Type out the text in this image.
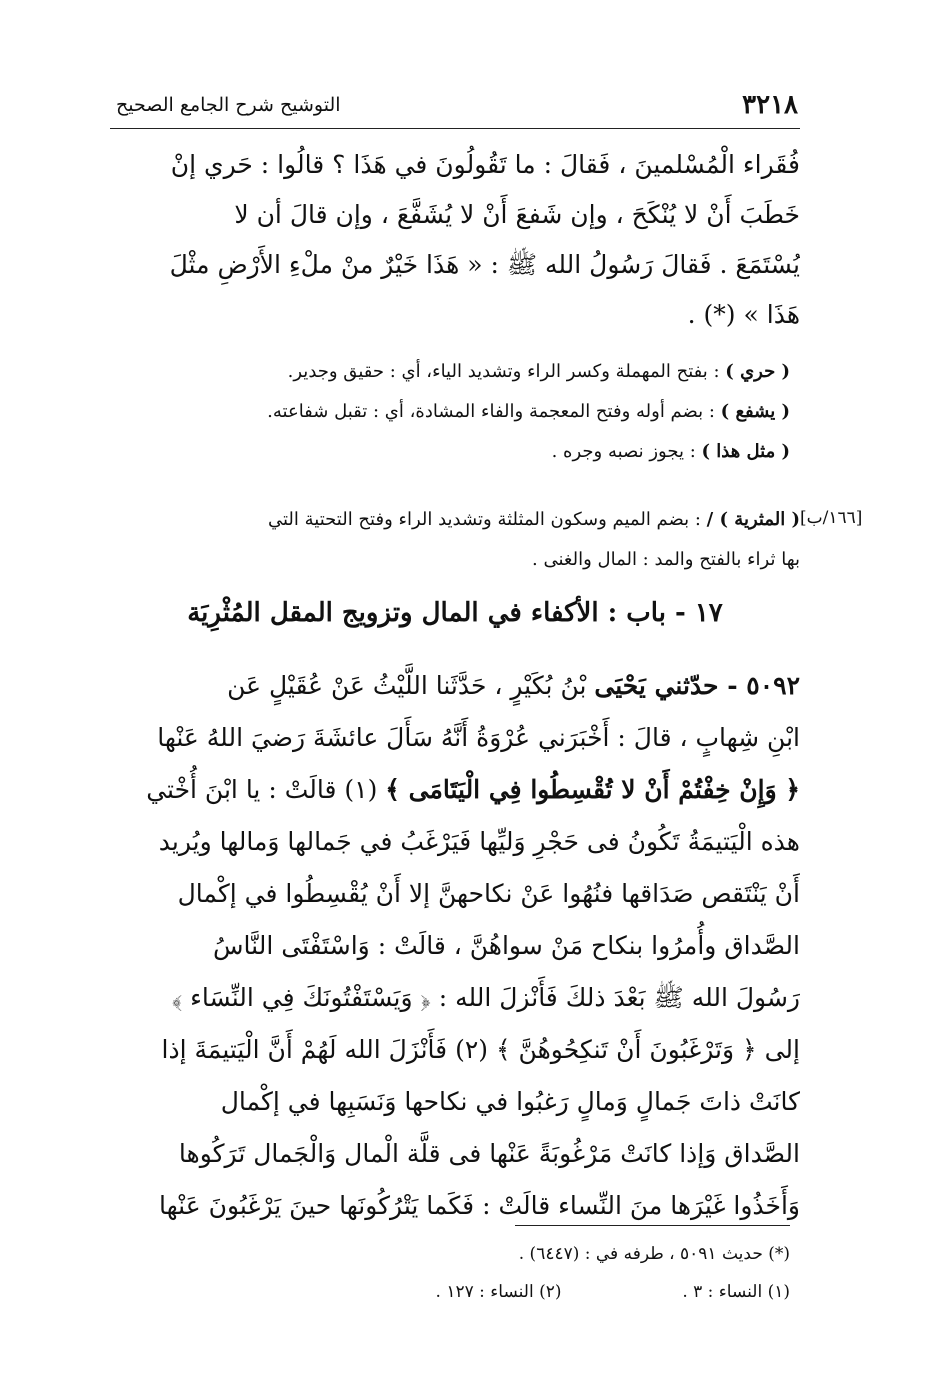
٣٢١٨
التوشيح شرح الجامع الصحيح
فُقَراء الْمُسْلمينَ ، فَقالَ : ما تَقُولُونَ في هَذَا ؟ قالُوا : حَري إنْ
خَطَبَ أَنْ لا يُنْكَحَ ، وإن شَفعَ أَنْ لا يُشَفَّعَ ، وإن قالَ أن لا
يُسْتَمَعَ . فَقالَ رَسُولُ الله ﷺ : « هَذَا خَيْرٌ منْ ملْءِ الأَرْضِ مثْلَ
هَذَا » (*) .
( حري ) : بفتح المهملة وكسر الراء وتشديد الياء، أي : حقيق وجدير.
( يشفع ) : بضم أوله وفتح المعجمة والفاء المشادة، أي : تقبل شفاعته.
( مثل هذا ) : يجوز نصبه وجره .
( المثرية ) / : بضم الميم وسكون المثلثة وتشديد الراء وفتح التحتية التي
بها ثراء بالفتح والمد : المال والغنى .
[١٦٦/ب]
١٧ - باب : الأكفاء في المال وتزويج المقل المُثْرِيَة
٥٠٩٢ - حدّثني يَحْيَى بْنُ بُكَيْرٍ ، حَدَّثَنا اللَّيْثُ عَنْ عُقَيْلٍ عَن
ابْنِ شِهابٍ ، قالَ : أَخْبَرَني عُرْوَةُ أَنَّهُ سَأَلَ عائشَةَ رَضيَ اللهُ عَنْها
﴿ وَإِنْ خِفْتُمْ أَنْ لا تُقْسِطُوا فِي الْيَتَامَى ﴾ (١) قالَتْ : يا ابْنَ أُخْتي
هذه الْيَتيمَةُ تَكُونُ فى حَجْرِ وَليِّها فَيَرْغَبُ في جَمالها وَمالها ويُريد
أَنْ يَنْتَقص صَدَاقها فنُهُوا عَنْ نكاحهنَّ إلا أَنْ يُقْسِطُوا في إكْمال
الصَّداق وأُمرُوا بنكاح مَنْ سواهُنَّ ، قالَتْ : وَاسْتَفْتَى النَّاسُ
رَسُولَ الله ﷺ بَعْدَ ذلكَ فَأَنْزلَ الله : ﴿ وَيَسْتَفْتُونَكَ فِي النِّسَاء ﴾
إلى ﴿ وَتَرْغَبُونَ أَنْ تَنكِحُوهُنَّ ﴾ (٢) فَأَنْزَلَ الله لَهُمْ أَنَّ الْيَتيمَةَ إذا
كانَتْ ذاتَ جَمالٍ وَمالٍ رَغبُوا في نكاحها وَنَسَبِها في إكْمال
الصَّداق وَإذا كانَتْ مَرْغُوبَةً عَنْها فى قلَّة الْمال وَالْجَمال تَرَكُوها
وَأَخَذُوا غَيْرَها منَ النِّساء قالَتْ : فَكَما يَتْرُكُونَها حينَ يَرْغَبُونَ عَنْها
(*) حديث ٥٠٩١ ، طرفه في : (٦٤٤٧) .
(١) النساء : ٣ .  (٢) النساء : ١٢٧ .
